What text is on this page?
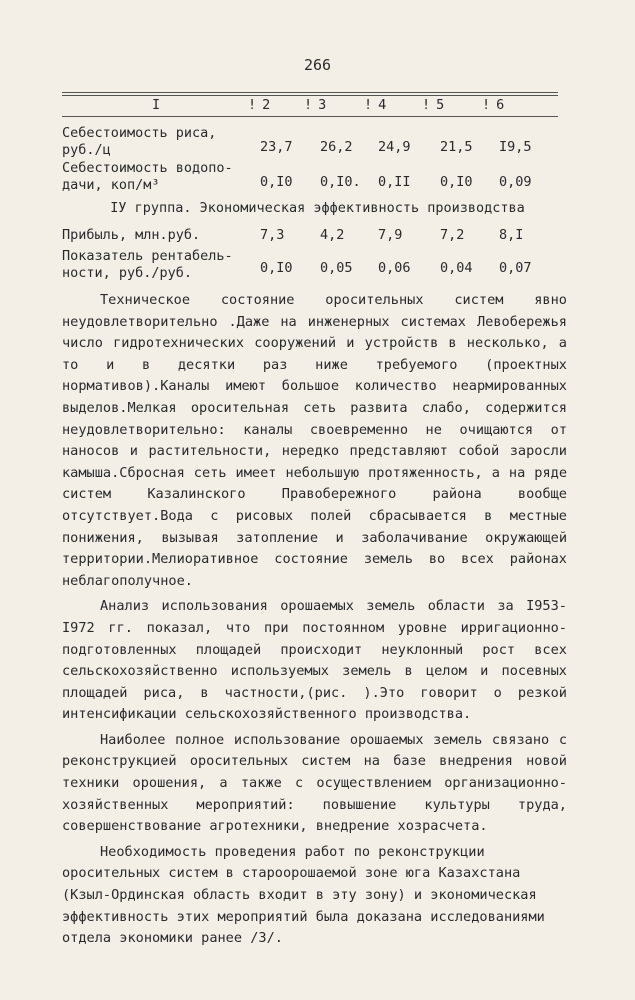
266
I	! 2 ! 3	! 4	! 5	! 6
Себестоимость риса,
руб./ц	23,7 26,2 24,9 21,5 I9,5
Себестоимость водопо-
дачи, коп/м³	0,I0 0,I0. 0,II 0,I0 0,09
IУ группа. Экономическая эффективность производства
Прибыль, млн.руб.	7,3	4,2 7,9	7,2	8,I
Показатель рентабель-
ности, руб./руб.	0,I0 0,05 0,06 0,04 0,07

Техническое состояние оросительных систем явно неудовлетворительно .Даже на инженерных системах Левобережья число гидротехнических сооружений и устройств в несколько, а то и в десятки раз ниже требуемого (проектных нормативов).Каналы имеют большое количество неармированных выделов.Мелкая оросительная сеть развита слабо, содержится неудовлетворительно: каналы своевременно не очищаются от наносов и растительности, нередко представляют собой заросли камыша.Сбросная сеть имеет небольшую протяженность, а на ряде систем Казалинского Правобережного района вообще отсутствует.Вода с рисовых полей сбрасывается в местные понижения, вызывая затопление и заболачивание окружающей территории.Мелиоративное состояние земель во всех районах неблагополучное.

Анализ использования орошаемых земель области за I953-I972 гг. показал, что при постоянном уровне ирригационно-подготовленных площадей происходит неуклонный рост всех сельскохозяйственно используемых земель в целом и посевных площадей риса, в частности,(рис. ).Это говорит о резкой интенсификации сельскохозяйственного производства.

Наиболее полное использование орошаемых земель связано с реконструкцией оросительных систем на базе внедрения новой техники орошения, а также с осуществлением организационно-хозяйственных мероприятий: повышение культуры труда, совершенствование агротехники, внедрение хозрасчета.

Необходимость проведения работ по реконструкции оросительных систем в староорошаемой зоне юга Казахстана (Кзыл-Ординская область входит в эту зону) и экономическая эффективность этих мероприятий была доказана исследованиями отдела экономики ранее /3/.
